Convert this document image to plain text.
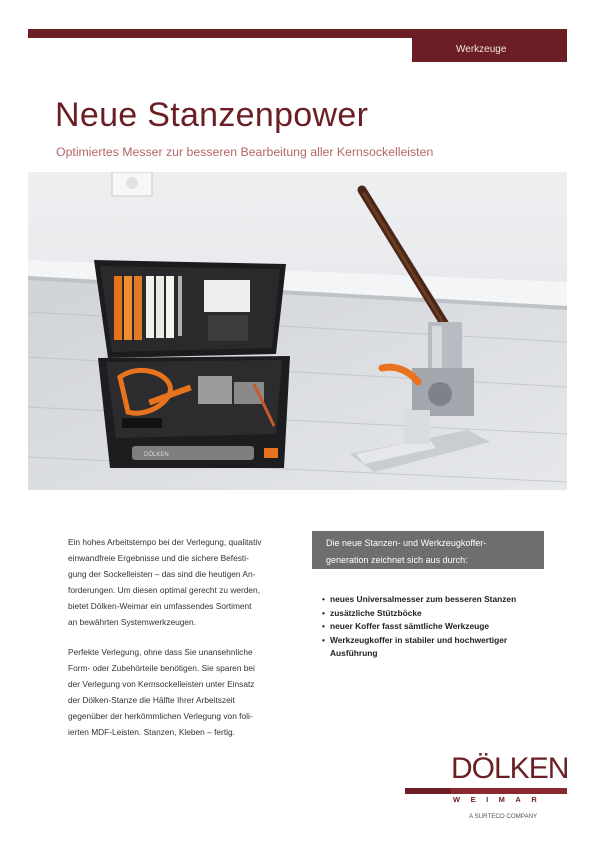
Werkzeuge
Neue Stanzenpower
Optimiertes Messer zur besseren Bearbeitung aller Kernsockelleisten
DÖLKEN

Ein hohes Arbeitstempo bei der Verlegung, qualitativ
einwandfreie Ergebnisse und die sichere Befesti-
gung der Sockelleisten – das sind die heutigen An-
forderungen. Um diesen optimal gerecht zu werden,
bietet Dölken-Weimar ein umfassendes Sortiment
an bewährten Systemwerkzeugen.

Perfekte Verlegung, ohne dass Sie unansehnliche
Form- oder Zubehörteile benötigen. Sie sparen bei
der Verlegung von Kernsockelleisten unter Einsatz
der Dölken-Stanze die Hälfte Ihrer Arbeitszeit
gegenüber der herkömmlichen Verlegung von foli-
ierten MDF-Leisten. Stanzen, Kleben – fertig.

Die neue Stanzen- und Werkzeugkoffer-
generation zeichnet sich aus durch:
• neues Universalmesser zum besseren Stanzen
• zusätzliche Stützböcke
• neuer Koffer fasst sämtliche Werkzeuge
• Werkzeugkoffer in stabiler und hochwertiger
Ausführung
DÖLKEN
WEIMAR
A SURTECO COMPANY
